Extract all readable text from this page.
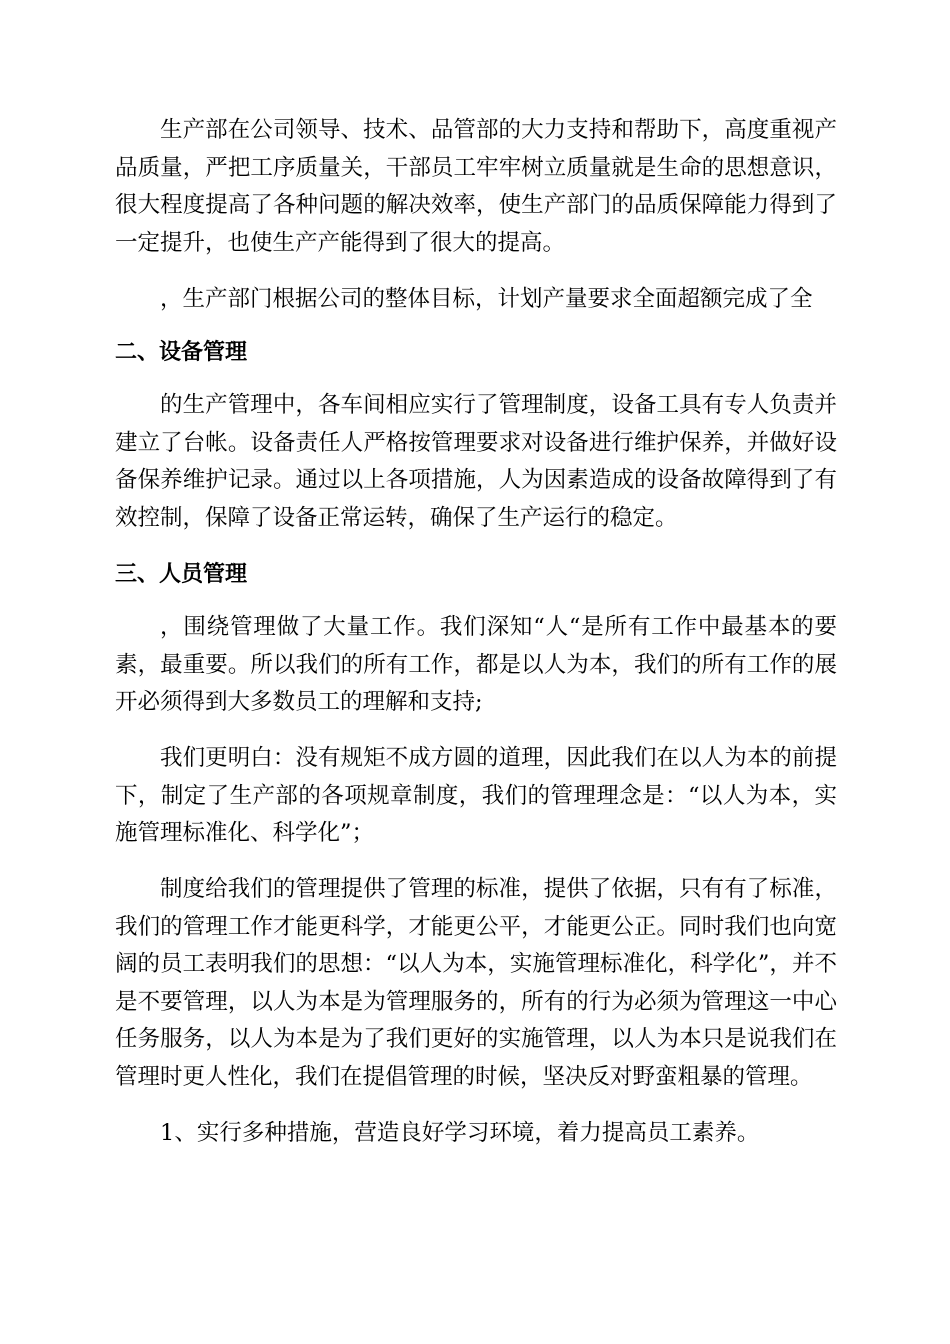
生产部在公司领导、技术、品管部的大力支持和帮助下，高度重视产品质量，严把工序质量关，干部员工牢牢树立质量就是生命的思想意识，很大程度提高了各种问题的解决效率，使生产部门的品质保障能力得到了一定提升，也使生产产能得到了很大的提高。

，生产部门根据公司的整体目标，计划产量要求全面超额完成了全

二、设备管理

的生产管理中，各车间相应实行了管理制度，设备工具有专人负责并建立了台帐。设备责任人严格按管理要求对设备进行维护保养，并做好设备保养维护记录。通过以上各项措施，人为因素造成的设备故障得到了有效控制，保障了设备正常运转，确保了生产运行的稳定。

三、人员管理

，围绕管理做了大量工作。我们深知“人“是所有工作中最基本的要素，最重要。所以我们的所有工作，都是以人为本，我们的所有工作的展开必须得到大多数员工的理解和支持;

我们更明白：没有规矩不成方圆的道理，因此我们在以人为本的前提下，制定了生产部的各项规章制度，我们的管理理念是：“以人为本，实施管理标准化、科学化”；

制度给我们的管理提供了管理的标准，提供了依据，只有有了标准，我们的管理工作才能更科学，才能更公平，才能更公正。同时我们也向宽阔的员工表明我们的思想：“以人为本，实施管理标准化，科学化”，并不是不要管理，以人为本是为管理服务的，所有的行为必须为管理这一中心任务服务，以人为本是为了我们更好的实施管理，以人为本只是说我们在管理时更人性化，我们在提倡管理的时候，坚决反对野蛮粗暴的管理。

1、实行多种措施，营造良好学习环境，着力提高员工素养。
